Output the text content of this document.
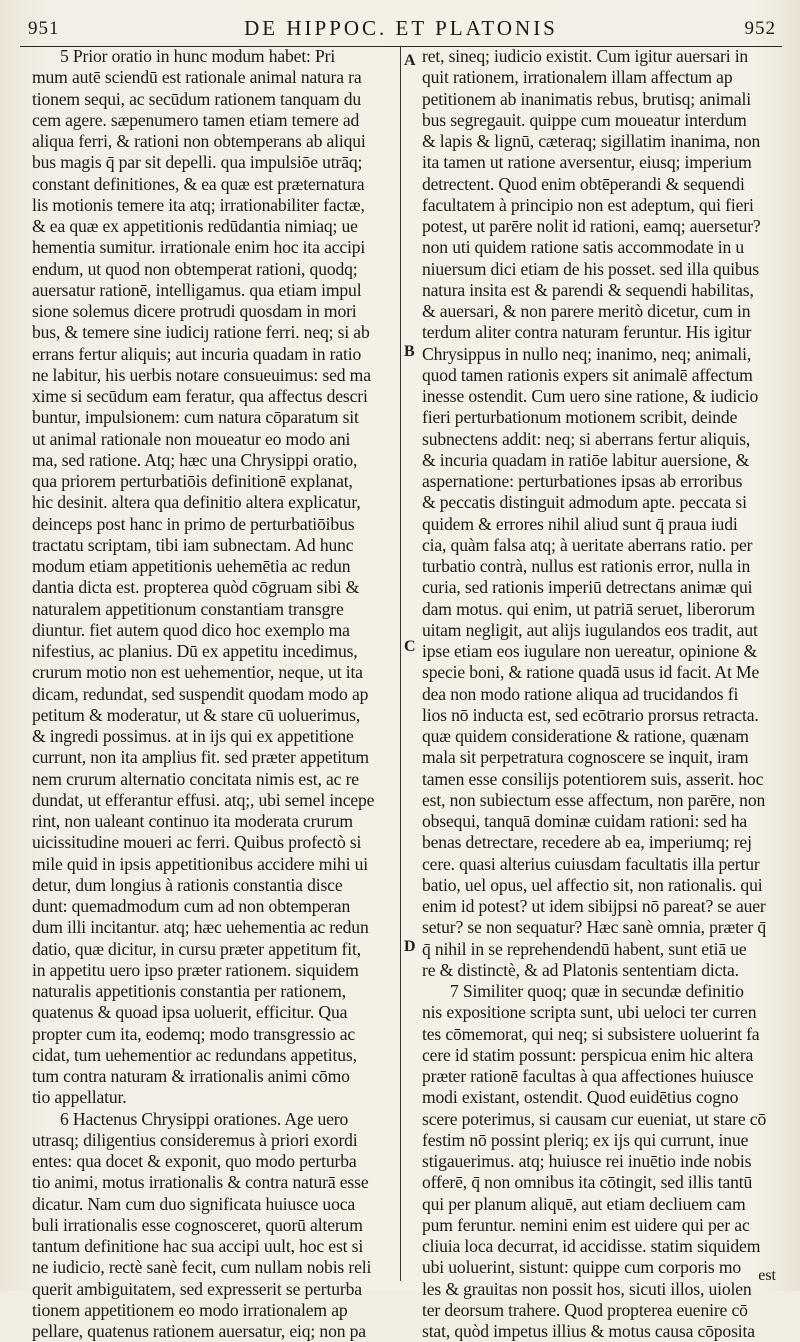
951	DE HIPPOC. ET PLATONIS	952
5 Prior oratio in hunc modum habet: Pri
mum autē sciendū est rationale animal natura ra
tionem sequi, ac secūdum rationem tanquam du
cem agere. sæpenumero tamen etiam temere ad
aliqua ferri, & rationi non obtemperans ab aliqui
bus magis q̄ par sit depelli. qua impulsiōe utrāq;
constant definitiones, & ea quæ est præternatura
lis motionis temere ita atq; irrationabiliter factæ,
& ea quæ ex appetitionis redūdantia nimiaq; ue
hementia sumitur. irrationale enim hoc ita accipi
endum, ut quod non obtemperat rationi, quodq;
auersatur rationē, intelligamus. qua etiam impul
sione solemus dicere protrudi quosdam in mori
bus, & temere sine iudiciȷ ratione ferri. neq; si ab
errans fertur aliquis; aut incuria quadam in ratio
ne labitur, his uerbis notare consueuimus: sed ma
xime si secūdum eam feratur, qua affectus descri
buntur, impulsionem: cum natura cōparatum sit
ut animal rationale non moueatur eo modo ani
ma, sed ratione. Atq; hæc una Chrysippi oratio,
qua priorem perturbatiōis definitionē explanat,
hic desinit. altera qua definitio altera explicatur,
deinceps post hanc in primo de perturbatiōibus
tractatu scriptam, tibi iam subnectam. Ad hunc
modum etiam appetitionis uehemētia ac redun
dantia dicta est. propterea quòd cōgruam sibi &
naturalem appetitionum constantiam transgre
diuntur. fiet autem quod dico hoc exemplo ma
nifestius, ac planius. Dū ex appetitu incedimus,
crurum motio non est uehementior, neque, ut ita
dicam, redundat, sed suspendit quodam modo ap
petitum & moderatur, ut & stare cū uoluerimus,
& ingredi possimus. at in ijs qui ex appetitione
currunt, non ita amplius fit. sed præter appetitum
nem crurum alternatio concitata nimis est, ac re
dundat, ut efferantur effusi. atq;, ubi semel incepe
rint, non ualeant continuo ita moderata crurum
uicissitudine moueri ac ferri. Quibus profectò si
mile quid in ipsis appetitionibus accidere mihi ui
detur, dum longius à rationis constantia disce
dunt: quemadmodum cum ad non obtemperan
dum illi incitantur. atq; hæc uehementia ac redun
datio, quæ dicitur, in cursu præter appetitum fit,
in appetitu uero ipso præter rationem. siquidem
naturalis appetitionis constantia per rationem,
quatenus & quoad ipsa uoluerit, efficitur. Qua
propter cum ita, eodemq; modo transgressio ac
cidat, tum uehementior ac redundans appetitus,
tum contra naturam & irrationalis animi cōmo
tio appellatur.
6 Hactenus Chrysippi orationes. Age uero
utrasq; diligentius consideremus à priori exordi
entes: qua docet & exponit, quo modo perturba
tio animi, motus irrationalis & contra naturā esse
dicatur. Nam cum duo significata huiusce uoca
buli irrationalis esse cognosceret, quorū alterum
tantum definitione hac sua accipi uult, hoc est si
ne iudicio, rectè sanè fecit, cum nullam nobis reli
querit ambiguitatem, sed expresserit se perturba
tionem appetitionem eo modo irrationalem ap
pellare, quatenus rationem auersatur, eiq; non pa
ret, sineq; iudicio existit. Cum igitur auersari in
quit rationem, irrationalem illam affectum ap
petitionem ab inanimatis rebus, brutisq; animali
bus segregauit. quippe cum moueatur interdum
& lapis & lignū, cæteraq; sigillatim inanima, non
ita tamen ut ratione aversentur, eiusq; imperium
detrectent. Quod enim obtēperandi & sequendi
facultatem à principio non est adeptum, qui fieri
potest, ut parēre nolit id rationi, eamq; auersetur?
non uti quidem ratione satis accommodate in u
niuersum dici etiam de his posset. sed illa quibus
natura insita est & parendi & sequendi habilitas,
& auersari, & non parere meritò dicetur, cum in
terdum aliter contra naturam feruntur. His igitur
Chrysippus in nullo neq; inanimo, neq; animali,
quod tamen rationis expers sit animalē affectum
inesse ostendit. Cum uero sine ratione, & iudicio
fieri perturbationum motionem scribit, deinde
subnectens addit: neq; si aberrans fertur aliquis,
& incuria quadam in ratiōe labitur auersione, &
aspernatione: perturbationes ipsas ab erroribus
& peccatis distinguit admodum apte. peccata si
quidem & errores nihil aliud sunt q̄ praua iudi
cia, quàm falsa atq; à ueritate aberrans ratio. per
turbatio contrà, nullus est rationis error, nulla in
curia, sed rationis imperiū detrectans animæ qui
dam motus. qui enim, ut patriā seruet, liberorum
uitam negligit, aut alijs iugulandos eos tradit, aut
ipse etiam eos iugulare non uereatur, opinione &
specie boni, & ratione quadā usus id facit. At Me
dea non modo ratione aliqua ad trucidandos fi
lios nō inducta est, sed ecōtrario prorsus retracta.
quæ quidem consideratione & ratione, quænam
mala sit perpetratura cognoscere se inquit, iram
tamen esse consilijs potentiorem suis, asserit. hoc
est, non subiectum esse affectum, non parēre, non
obsequi, tanquā dominæ cuidam rationi: sed ha
benas detrectare, recedere ab ea, imperiumq; rej
cere. quasi alterius cuiusdam facultatis illa pertur
batio, uel opus, uel affectio sit, non rationalis. qui
enim id potest? ut idem sibijpsi nō pareat? se auer
setur? se non sequatur? Hæc sanè omnia, præter q̄
q̄ nihil in se reprehendendū habent, sunt etiā ue
re & distinctè, & ad Platonis sententiam dicta.
7 Similiter quoq; quæ in secundæ definitio
nis expositione scripta sunt, ubi ueloci ter curren
tes cōmemorat, qui neq; si subsistere uoluerint fa
cere id statim possunt: perspicua enim hic altera
præter rationē facultas à qua affectiones huiusce
modi existant, ostendit. Quod euidētius cogno
scere poterimus, si causam cur eueniat, ut stare cō
festim nō possint pleriq; ex ijs qui currunt, inue
stigauerimus. atq; huiusce rei inuētio inde nobis
offerē, q̄ non omnibus ita cōtingit, sed illis tantū
qui per planum aliquē, aut etiam decliuem cam
pum feruntur. nemini enim est uidere qui per ac
cliuia loca decurrat, id accidisse. statim siquidem
ubi uoluerint, sistunt: quippe cum corporis mo
les & grauitas non possit hos, sicuti illos, uiolen
ter deorsum trahere. Quod propterea euenire cō
stat, quòd impetus illius & motus causa cōposita
A
B
C
D
est
